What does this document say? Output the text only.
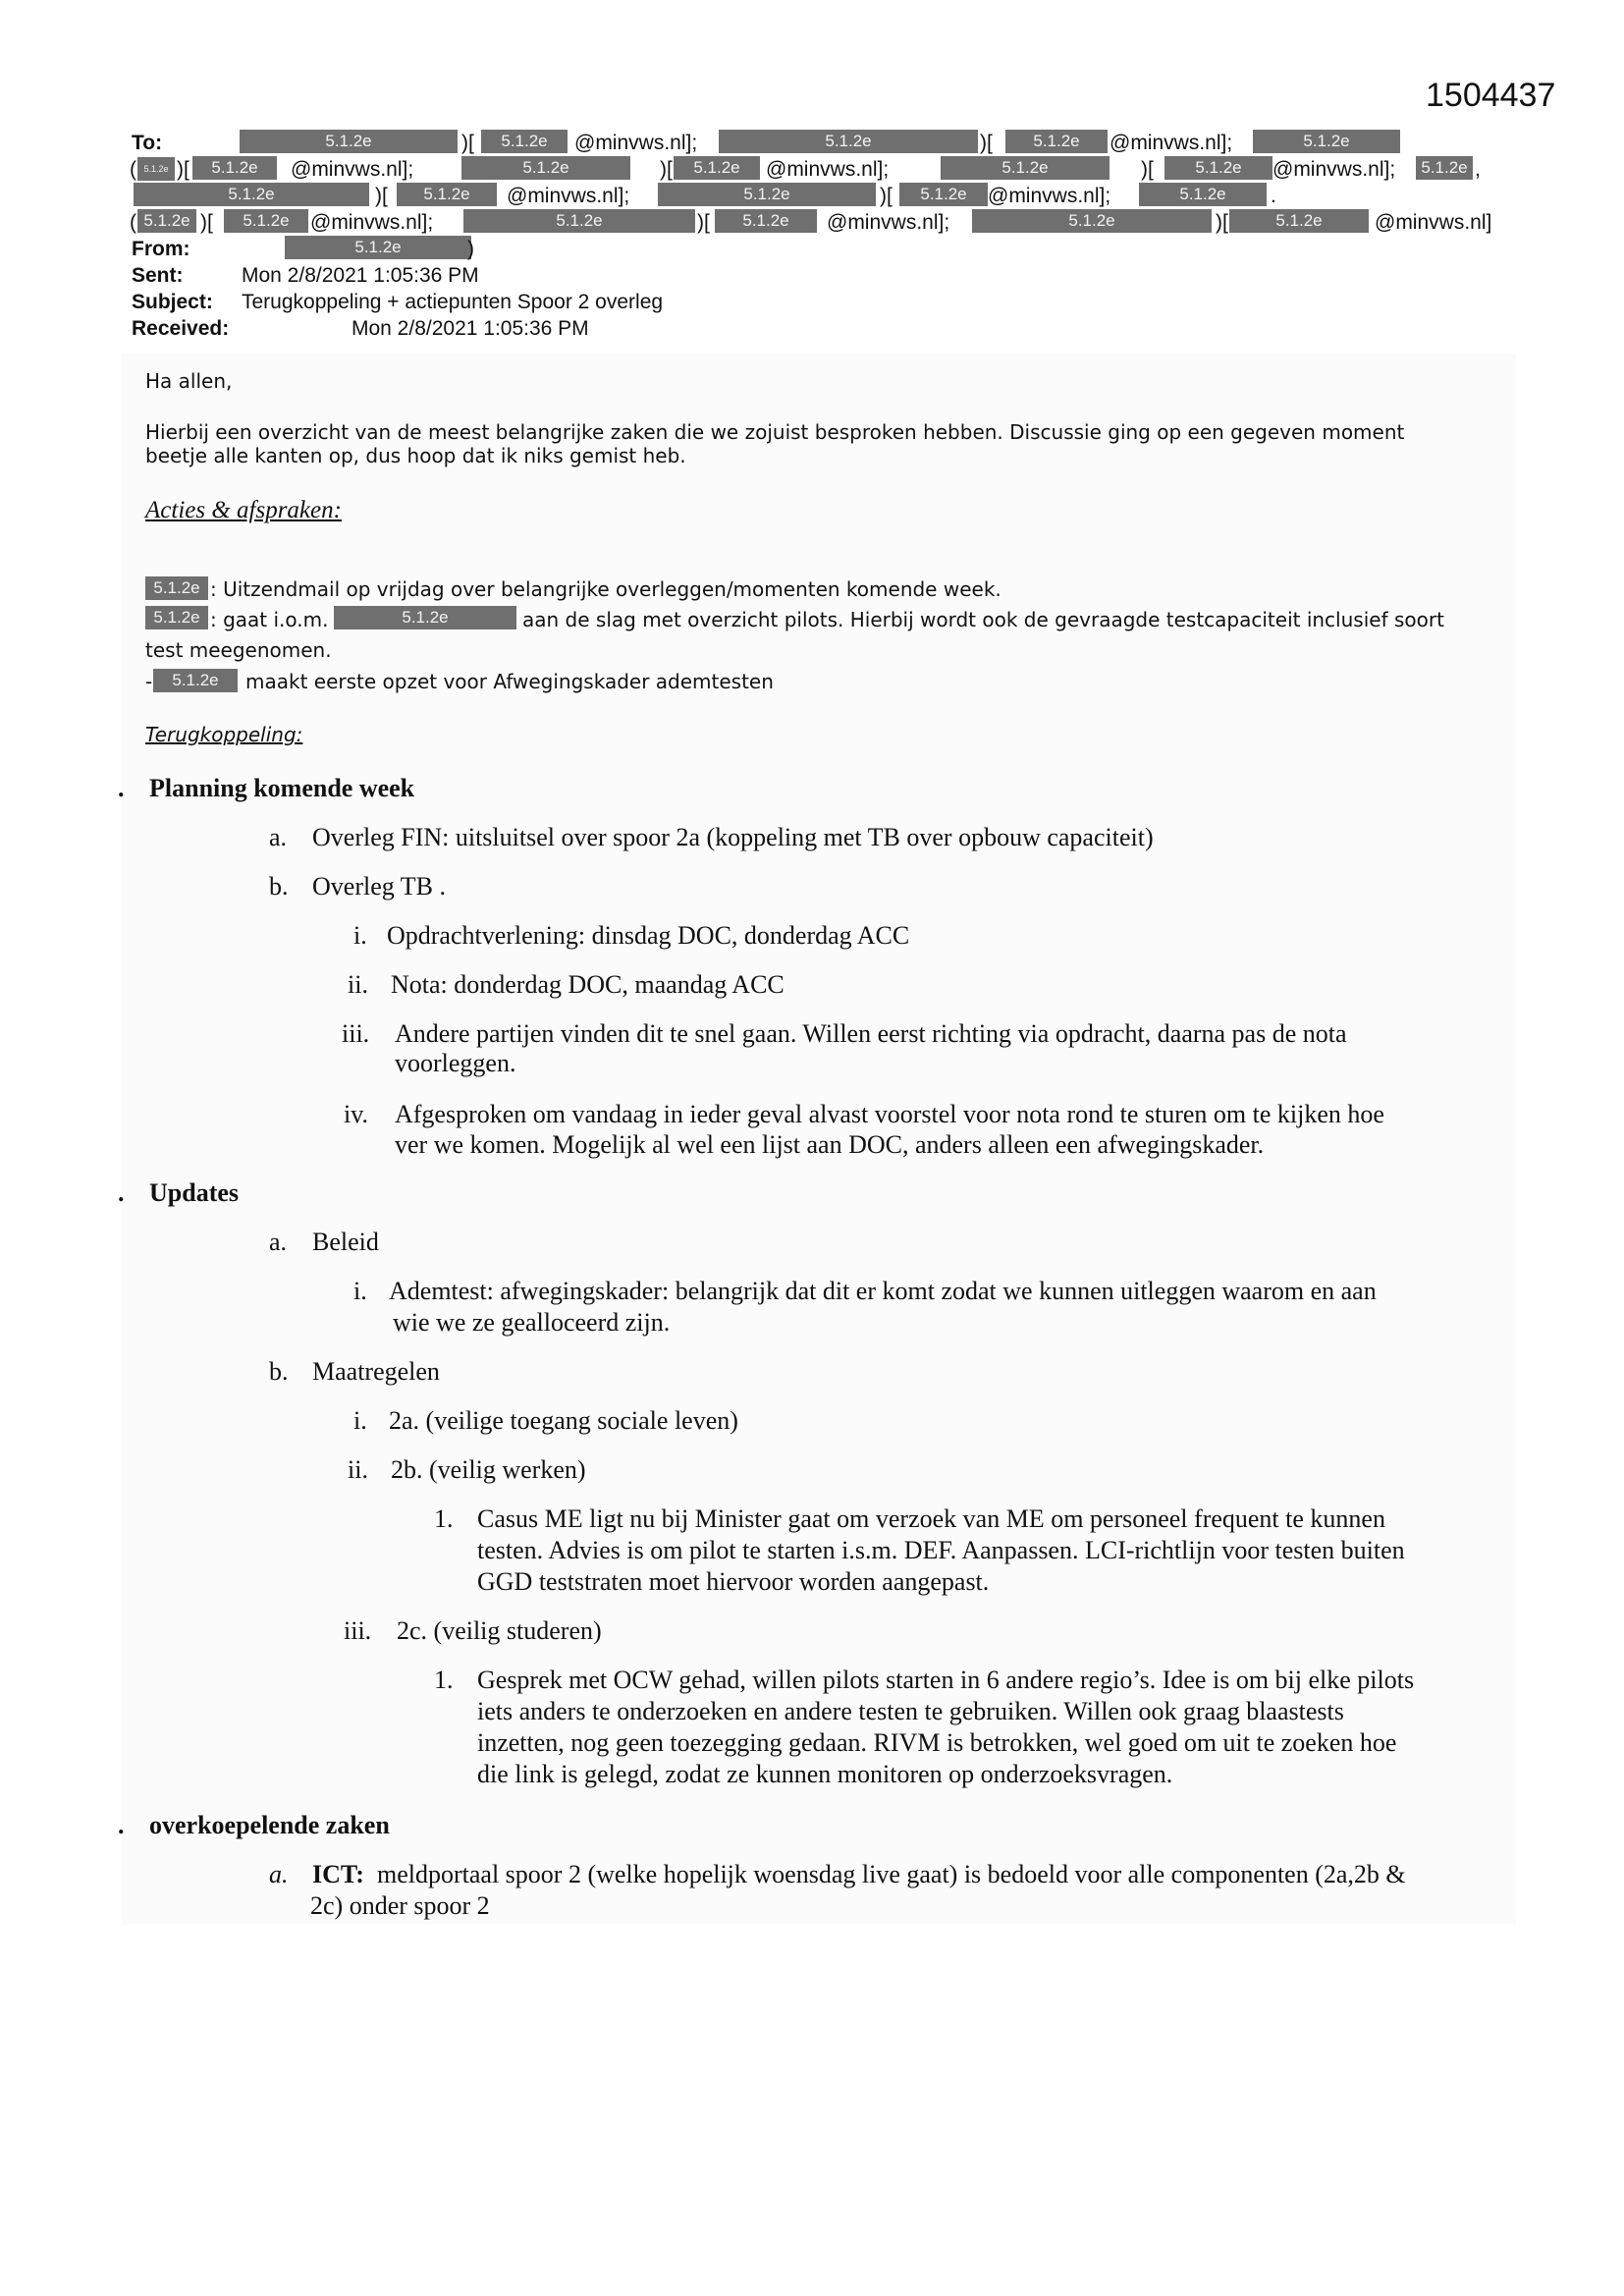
1504437
To:	5.1.2e	)[	5.1.2e	@minvws.nl];	5.1.2e	)[	5.1.2e	@minvws.nl];	5.1.2e
( 5.1.2e )[	5.1.2e	@minvws.nl];	5.1.2e	)[	5.1.2e	@minvws.nl];	5.1.2e	)[	5.1.2e	@minvws.nl];	5.1.2e ,
5.1.2e	)[	5.1.2e	@minvws.nl];	5.1.2e	)[	5.1.2e	@minvws.nl];	5.1.2e	.
( 5.1.2e )[	5.1.2e	@minvws.nl];	5.1.2e	)[	5.1.2e	@minvws.nl];	5.1.2e	)[	5.1.2e	@minvws.nl]
From:	5.1.2e	)
Sent:	Mon 2/8/2021 1:05:36 PM
Subject: Terugkoppeling + actiepunten Spoor 2 overleg
Received:	Mon 2/8/2021 1:05:36 PM
Ha allen,
Hierbij een overzicht van de meest belangrijke zaken die we zojuist besproken hebben. Discussie ging op een gegeven moment
beetje alle kanten op, dus hoop dat ik niks gemist heb.
Acties & afspraken:
5.1.2e : Uitzendmail op vrijdag over belangrijke overleggen/momenten komende week.
5.1.2e : gaat i.o.m.	5.1.2e	aan de slag met overzicht pilots. Hierbij wordt ook de gevraagde testcapaciteit inclusief soort
test meegenomen.
-	5.1.2e	maakt eerste opzet voor Afwegingskader ademtesten
Terugkoppeling:
. Planning komende week
a. Overleg FIN: uitsluitsel over spoor 2a (koppeling met TB over opbouw capaciteit)
b. Overleg TB .
i. Opdrachtverlening: dinsdag DOC, donderdag ACC
ii. Nota: donderdag DOC, maandag ACC
iii. Andere partijen vinden dit te snel gaan. Willen eerst richting via opdracht, daarna pas de nota
voorleggen.
iv. Afgesproken om vandaag in ieder geval alvast voorstel voor nota rond te sturen om te kijken hoe
ver we komen. Mogelijk al wel een lijst aan DOC, anders alleen een afwegingskader.
. Updates
a. Beleid
i. Ademtest: afwegingskader: belangrijk dat dit er komt zodat we kunnen uitleggen waarom en aan
wie we ze gealloceerd zijn.
b. Maatregelen
i. 2a. (veilige toegang sociale leven)
ii. 2b. (veilig werken)
1. Casus ME ligt nu bij Minister gaat om verzoek van ME om personeel frequent te kunnen
testen. Advies is om pilot te starten i.s.m. DEF. Aanpassen. LCI-richtlijn voor testen buiten
GGD teststraten moet hiervoor worden aangepast.
iii. 2c. (veilig studeren)
1. Gesprek met OCW gehad, willen pilots starten in 6 andere regio’s. Idee is om bij elke pilots
iets anders te onderzoeken en andere testen te gebruiken. Willen ook graag blaastests
inzetten, nog geen toezegging gedaan. RIVM is betrokken, wel goed om uit te zoeken hoe
die link is gelegd, zodat ze kunnen monitoren op onderzoeksvragen.
. overkoepelende zaken
a. ICT: meldportaal spoor 2 (welke hopelijk woensdag live gaat) is bedoeld voor alle componenten (2a,2b &
2c) onder spoor 2
